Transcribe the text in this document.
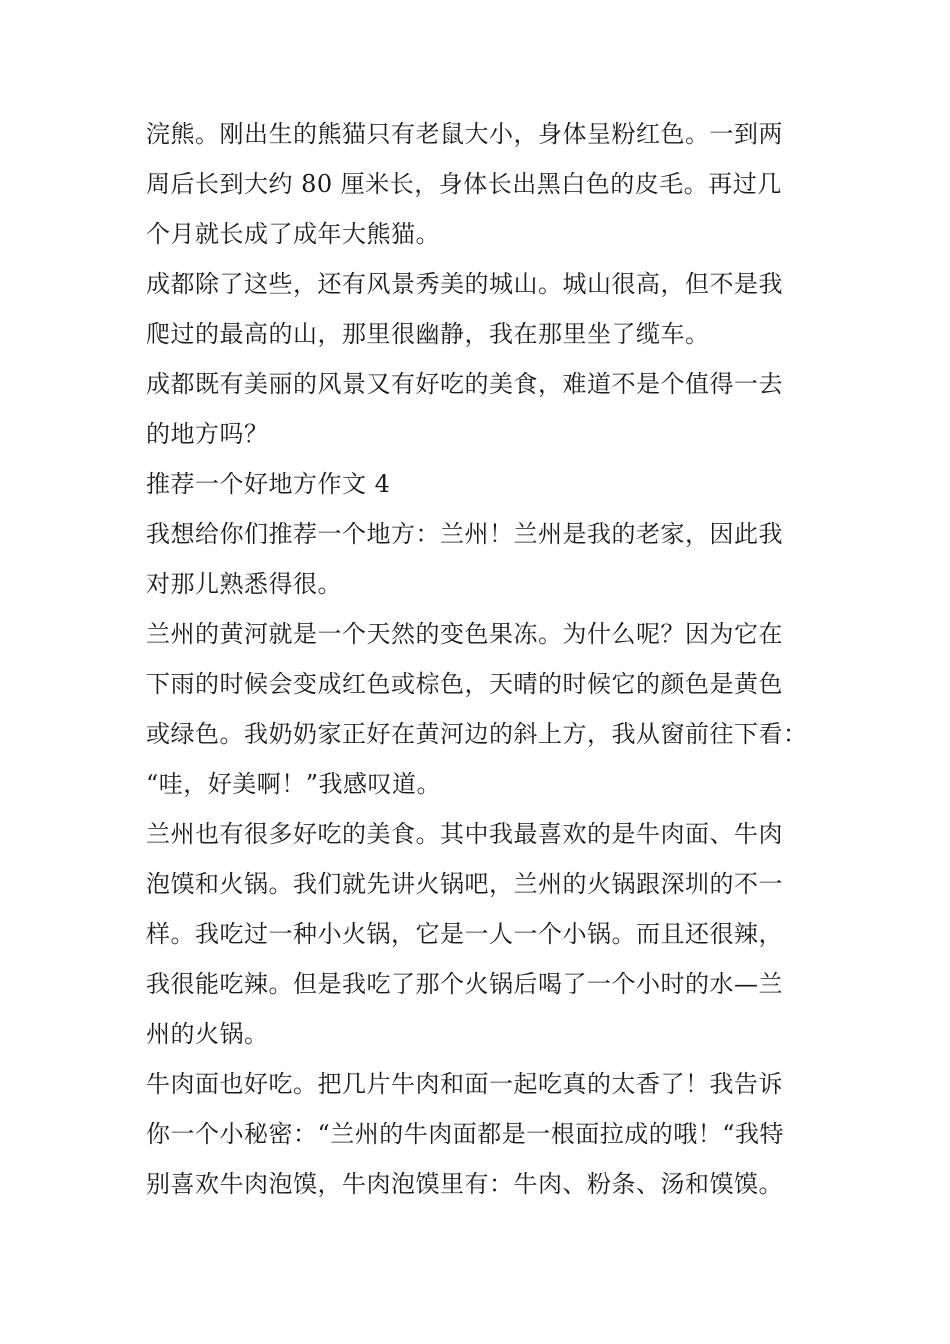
浣熊。刚出生的熊猫只有老鼠大小，身体呈粉红色。一到两
周后长到大约 80 厘米长，身体长出黑白色的皮毛。再过几
个月就长成了成年大熊猫。
成都除了这些，还有风景秀美的城山。城山很高，但不是我
爬过的最高的山，那里很幽静，我在那里坐了缆车。
成都既有美丽的风景又有好吃的美食，难道不是个值得一去
的地方吗？
推荐一个好地方作文 4
我想给你们推荐一个地方：兰州！兰州是我的老家，因此我
对那儿熟悉得很。
兰州的黄河就是一个天然的变色果冻。为什么呢？因为它在
下雨的时候会变成红色或棕色，天晴的时候它的颜色是黄色
或绿色。我奶奶家正好在黄河边的斜上方，我从窗前往下看：
“哇，好美啊！”我感叹道。
兰州也有很多好吃的美食。其中我最喜欢的是牛肉面、牛肉
泡馍和火锅。我们就先讲火锅吧，兰州的火锅跟深圳的不一
样。我吃过一种小火锅，它是一人一个小锅。而且还很辣，
我很能吃辣。但是我吃了那个火锅后喝了一个小时的水—兰
州的火锅。
牛肉面也好吃。把几片牛肉和面一起吃真的太香了！我告诉
你一个小秘密：“兰州的牛肉面都是一根面拉成的哦！“我特
别喜欢牛肉泡馍，牛肉泡馍里有：牛肉、粉条、汤和馍馍。
